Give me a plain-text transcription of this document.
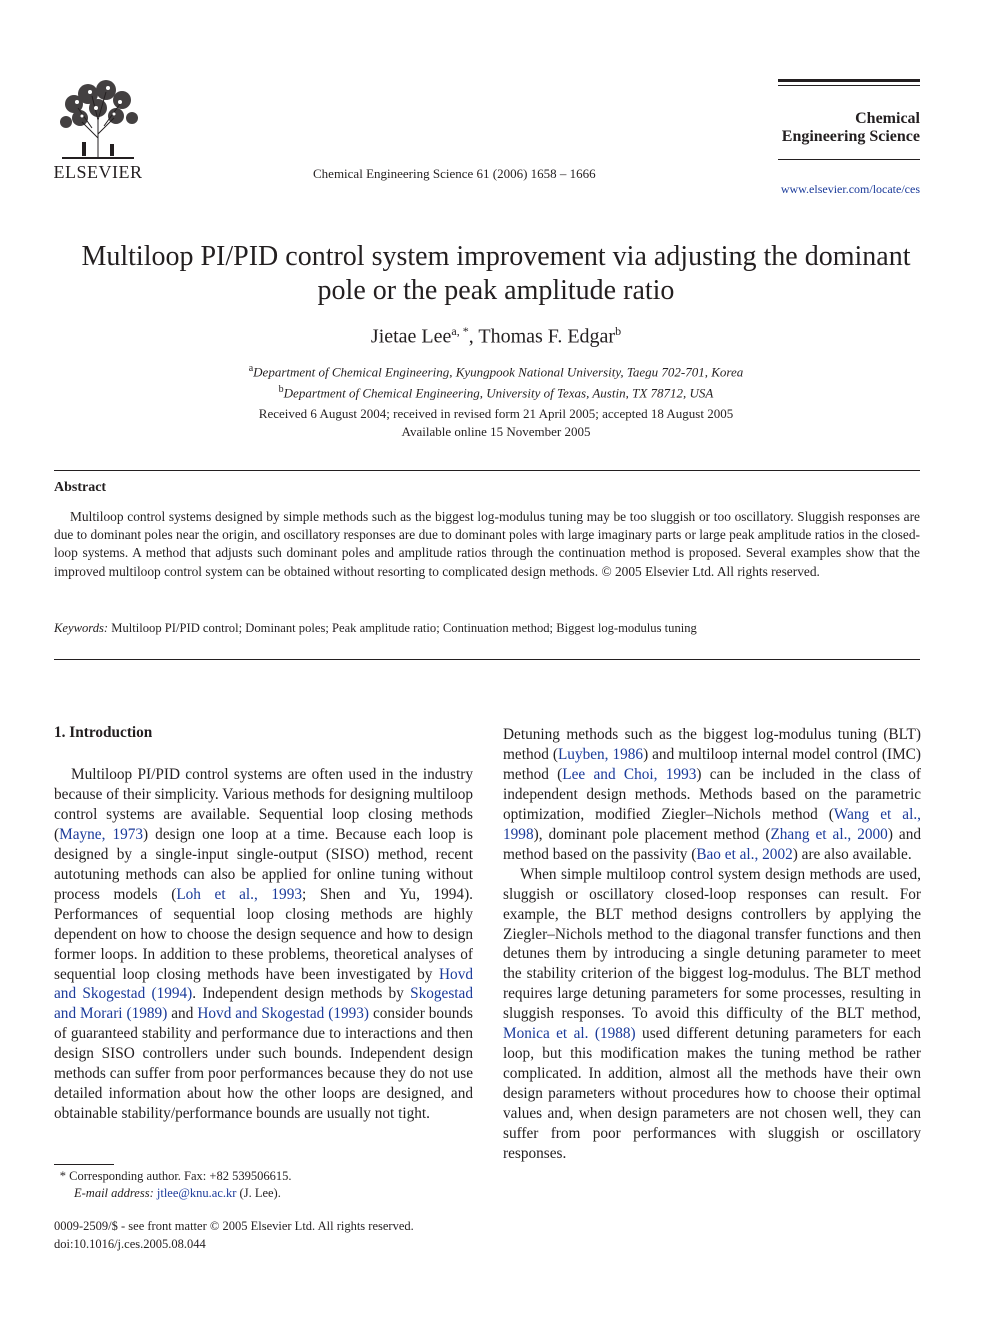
ELSEVIER	Chemical Engineering Science 61 (2006) 1658 – 1666
Chemical
Engineering Science
www.elsevier.com/locate/ces
Multiloop PI/PID control system improvement via adjusting the dominant
pole or the peak amplitude ratio
Jietae Lee$^{a, *}$, Thomas F. Edgar$^b$
$^a$Department of Chemical Engineering, Kyungpook National University, Taegu 702-701, Korea
$^b$Department of Chemical Engineering, University of Texas, Austin, TX 78712, USA
Received 6 August 2004; received in revised form 21 April 2005; accepted 18 August 2005
Available online 15 November 2005
Abstract
Multiloop control systems designed by simple methods such as the biggest log-modulus tuning may be too sluggish or too oscillatory. Sluggish responses are due to dominant poles near the origin, and oscillatory responses are due to dominant poles with large imaginary parts or large peak amplitude ratios in the closed-loop systems. A method that adjusts such dominant poles and amplitude ratios through the continuation method is proposed. Several examples show that the improved multiloop control system can be obtained without resorting to complicated design methods. © 2005 Elsevier Ltd. All rights reserved.
Keywords: Multiloop PI/PID control; Dominant poles; Peak amplitude ratio; Continuation method; Biggest log-modulus tuning
1. Introduction

Multiloop PI/PID control systems are often used in the industry because of their simplicity. Various methods for designing multiloop control systems are available. Sequential loop closing methods (Mayne, 1973) design one loop at a time. Because each loop is designed by a single-input single-output (SISO) method, recent autotuning methods can also be applied for online tuning without process models (Loh et al., 1993; Shen and Yu, 1994). Performances of sequential loop closing methods are highly dependent on how to choose the design sequence and how to design former loops. In addition to these problems, theoretical analyses of sequential loop closing methods have been investigated by Hovd and Skogestad (1994). Independent design methods by Skogestad and Morari (1989) and Hovd and Skogestad (1993) consider bounds of guaranteed stability and performance due to interactions and then design SISO controllers under such bounds. Independent design methods can suffer from poor performances because they do not use detailed information about how the other loops are designed, and obtainable stability/performance bounds are usually not tight.

Detuning methods such as the biggest log-modulus tuning (BLT) method (Luyben, 1986) and multiloop internal model control (IMC) method (Lee and Choi, 1993) can be included in the class of independent design methods. Methods based on the parametric optimization, modified Ziegler–Nichols method (Wang et al., 1998), dominant pole placement method (Zhang et al., 2000) and method based on the passivity (Bao et al., 2002) are also available.

When simple multiloop control system design methods are used, sluggish or oscillatory closed-loop responses can result. For example, the BLT method designs controllers by applying the Ziegler–Nichols method to the diagonal transfer functions and then detunes them by introducing a single detuning parameter to meet the stability criterion of the biggest log-modulus. The BLT method requires large detuning parameters for some processes, resulting in sluggish responses. To avoid this difficulty of the BLT method, Monica et al. (1988) used different detuning parameters for each loop, but this modification makes the tuning method be rather complicated. In addition, almost all the methods have their own design parameters without procedures how to choose their optimal values and, when design parameters are not chosen well, they can suffer from poor performances with sluggish or oscillatory responses.

* Corresponding author. Fax: +82 539506615.
E-mail address: jtlee@knu.ac.kr (J. Lee).
0009-2509/$ - see front matter © 2005 Elsevier Ltd. All rights reserved.
doi:10.1016/j.ces.2005.08.044
